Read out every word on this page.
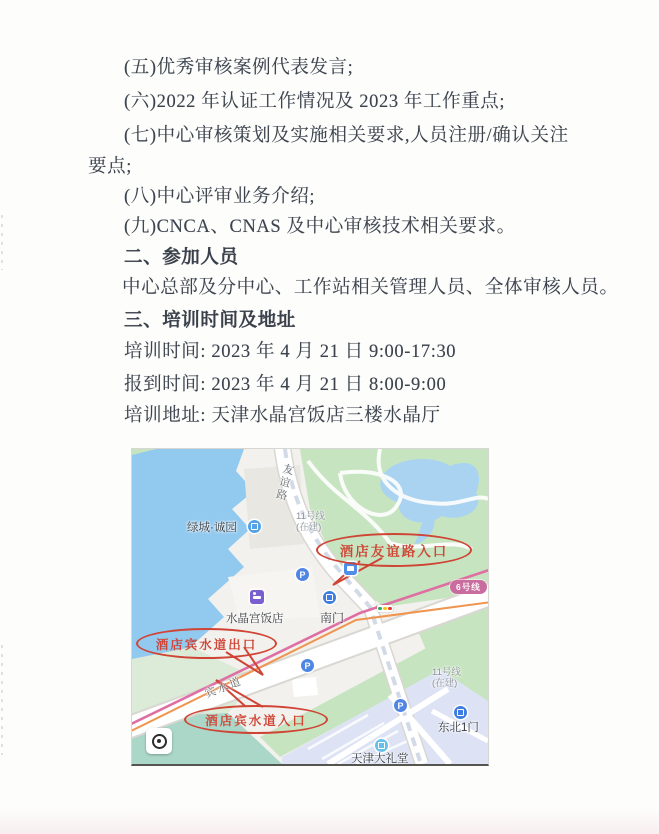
(五)优秀审核案例代表发言;

(六)2022 年认证工作情况及 2023 年工作重点;

(七)中心审核策划及实施相关要求,人员注册/确认关注

要点;

(八)中心评审业务介绍;

(九)CNCA、CNAS 及中心审核技术相关要求。

二、参加人员

中心总部及分中心、工作站相关管理人员、全体审核人员。

三、培训时间及地址

培训时间: 2023 年 4 月 21 日 9:00-17:30

报到时间: 2023 年 4 月 21 日 8:00-9:00

培训地址: 天津水晶宫饭店三楼水晶厅

友谊路
宾水道
11号线
(在建)
11号线
(在建)
6号线
绿城·诚园
水晶宫饭店	南门
东北1门
天津大礼堂
P
P
P
酒店友谊路入口
酒店宾水道出口
酒店宾水道入口
